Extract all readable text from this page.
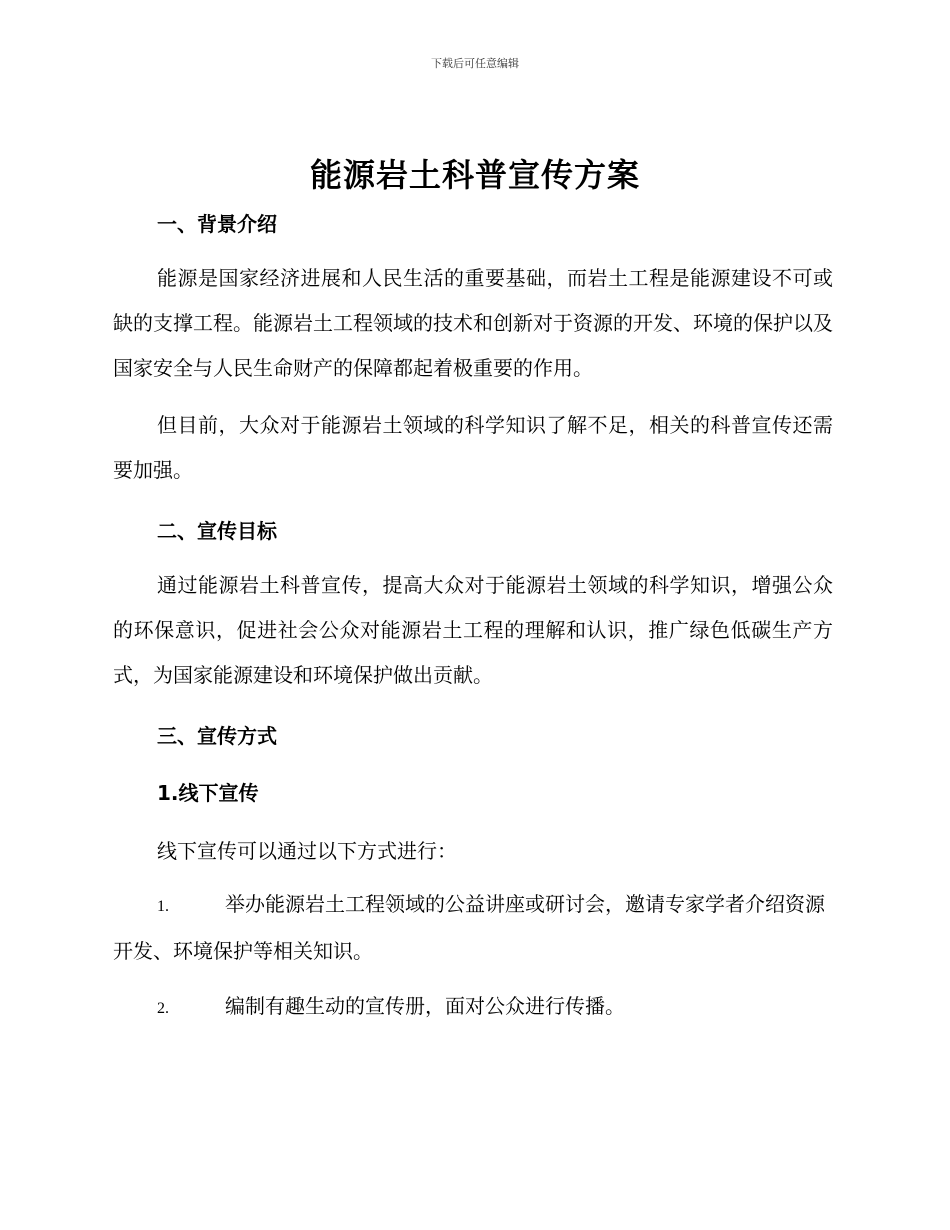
下载后可任意编辑
能源岩土科普宣传方案
一、背景介绍

能源是国家经济进展和人民生活的重要基础，而岩土工程是能源建设不可或缺的支撑工程。能源岩土工程领域的技术和创新对于资源的开发、环境的保护以及国家安全与人民生命财产的保障都起着极重要的作用。

但目前，大众对于能源岩土领域的科学知识了解不足，相关的科普宣传还需要加强。

二、宣传目标

通过能源岩土科普宣传，提高大众对于能源岩土领域的科学知识，增强公众的环保意识，促进社会公众对能源岩土工程的理解和认识，推广绿色低碳生产方式，为国家能源建设和环境保护做出贡献。

三、宣传方式
1.线下宣传
线下宣传可以通过以下方式进行：

1.	举办能源岩土工程领域的公益讲座或研讨会，邀请专家学者介绍资源开发、环境保护等相关知识。

2.	编制有趣生动的宣传册，面对公众进行传播。
